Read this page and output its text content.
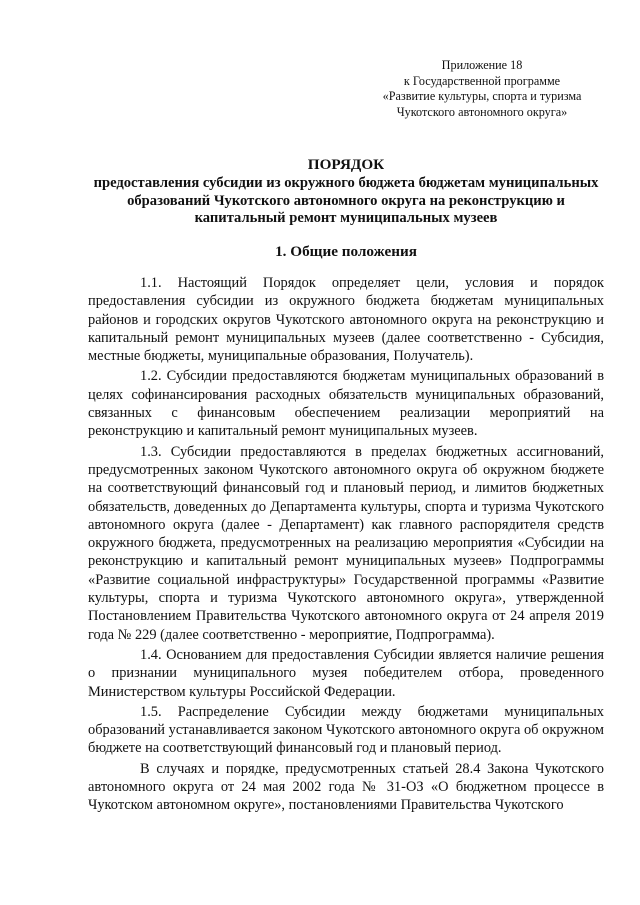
Приложение 18
к Государственной программе
«Развитие культуры, спорта и туризма
Чукотского автономного округа»
ПОРЯДОК
предоставления субсидии из окружного бюджета бюджетам муниципальных образований Чукотского автономного округа на реконструкцию и капитальный ремонт муниципальных музеев
1. Общие положения

1.1. Настоящий Порядок определяет цели, условия и порядок предоставления субсидии из окружного бюджета бюджетам муниципальных районов и городских округов Чукотского автономного округа на реконструкцию и капитальный ремонт муниципальных музеев (далее соответственно - Субсидия, местные бюджеты, муниципальные образования, Получатель).

1.2. Субсидии предоставляются бюджетам муниципальных образований в целях софинансирования расходных обязательств муниципальных образований, связанных с финансовым обеспечением реализации мероприятий на реконструкцию и капитальный ремонт муниципальных музеев.

1.3. Субсидии предоставляются в пределах бюджетных ассигнований, предусмотренных законом Чукотского автономного округа об окружном бюджете на соответствующий финансовый год и плановый период, и лимитов бюджетных обязательств, доведенных до Департамента культуры, спорта и туризма Чукотского автономного округа (далее - Департамент) как главного распорядителя средств окружного бюджета, предусмотренных на реализацию мероприятия «Субсидии на реконструкцию и капитальный ремонт муниципальных музеев» Подпрограммы «Развитие социальной инфраструктуры» Государственной программы «Развитие культуры, спорта и туризма Чукотского автономного округа», утвержденной Постановлением Правительства Чукотского автономного округа от 24 апреля 2019 года № 229 (далее соответственно - мероприятие, Подпрограмма).

1.4. Основанием для предоставления Субсидии является наличие решения о признании муниципального музея победителем отбора, проведенного Министерством культуры Российской Федерации.

1.5. Распределение Субсидии между бюджетами муниципальных образований устанавливается законом Чукотского автономного округа об окружном бюджете на соответствующий финансовый год и плановый период.

В случаях и порядке, предусмотренных статьей 28.4 Закона Чукотского автономного округа от 24 мая 2002 года № 31-ОЗ «О бюджетном процессе в Чукотском автономном округе», постановлениями Правительства Чукотского
